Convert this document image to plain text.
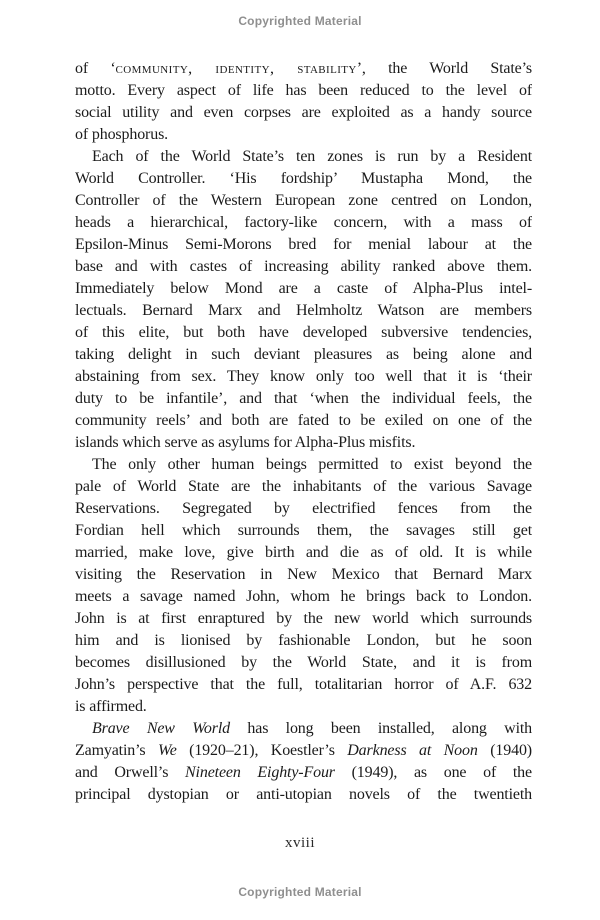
Copyrighted Material
of ‘community, identity, stability’, the World State’s
motto. Every aspect of life has been reduced to the level of
social utility and even corpses are exploited as a handy source
of phosphorus.
Each of the World State’s ten zones is run by a Resident
World Controller. ‘His fordship’ Mustapha Mond, the
Controller of the Western European zone centred on London,
heads a hierarchical, factory-like concern, with a mass of
Epsilon-Minus Semi-Morons bred for menial labour at the
base and with castes of increasing ability ranked above them.
Immediately below Mond are a caste of Alpha-Plus intel-
lectuals. Bernard Marx and Helmholtz Watson are members
of this elite, but both have developed subversive tendencies,
taking delight in such deviant pleasures as being alone and
abstaining from sex. They know only too well that it is ‘their
duty to be infantile’, and that ‘when the individual feels, the
community reels’ and both are fated to be exiled on one of the
islands which serve as asylums for Alpha-Plus misfits.
The only other human beings permitted to exist beyond the
pale of World State are the inhabitants of the various Savage
Reservations. Segregated by electrified fences from the
Fordian hell which surrounds them, the savages still get
married, make love, give birth and die as of old. It is while
visiting the Reservation in New Mexico that Bernard Marx
meets a savage named John, whom he brings back to London.
John is at first enraptured by the new world which surrounds
him and is lionised by fashionable London, but he soon
becomes disillusioned by the World State, and it is from
John’s perspective that the full, totalitarian horror of A.F. 632
is affirmed.
Brave New World has long been installed, along with
Zamyatin’s We (1920–21), Koestler’s Darkness at Noon (1940)
and Orwell’s Nineteen Eighty-Four (1949), as one of the
principal dystopian or anti-utopian novels of the twentieth
xviii
Copyrighted Material
